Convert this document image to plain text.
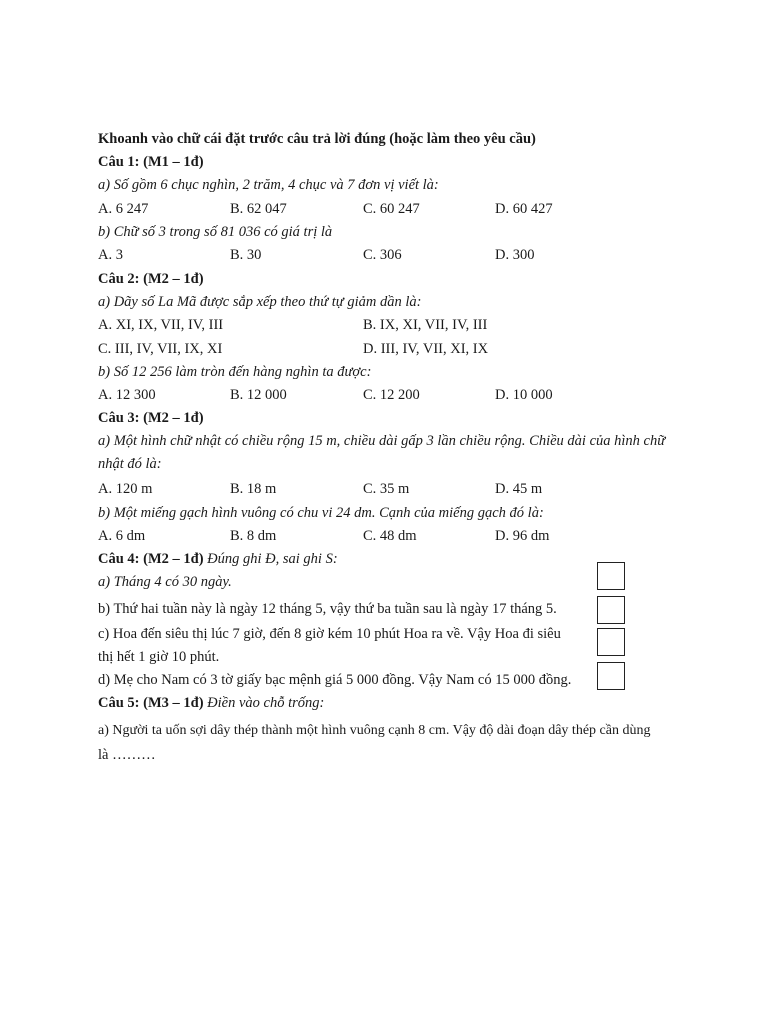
Khoanh vào chữ cái đặt trước câu trả lời đúng (hoặc làm theo yêu cầu)
Câu 1: (M1 – 1đ)
a) Số gồm 6 chục nghìn, 2 trăm, 4 chục và 7 đơn vị viết là:
A. 6 247	B. 62 047	C. 60 247	D. 60 427
b) Chữ số 3 trong số 81 036 có giá trị là
A. 3	B. 30	C. 306	D. 300
Câu 2: (M2 – 1đ)
a) Dãy số La Mã được sắp xếp theo thứ tự giảm dần là:
A. XI, IX, VII, IV, III	B. IX, XI, VII, IV, III
C. III, IV, VII, IX, XI	D. III, IV, VII, XI, IX
b) Số 12 256 làm tròn đến hàng nghìn ta được:
A. 12 300	B. 12 000	C. 12 200	D. 10 000
Câu 3: (M2 – 1đ)
a) Một hình chữ nhật có chiều rộng 15 m, chiều dài gấp 3 lần chiều rộng. Chiều dài của hình chữ
nhật đó là:
A. 120 m	B. 18 m	C. 35 m	D. 45 m
b) Một miếng gạch hình vuông có chu vi 24 dm. Cạnh của miếng gạch đó là:
A. 6 dm	B. 8 dm	C. 48 dm	D. 96 dm
Câu 4: (M2 – 1đ) Đúng ghi Đ, sai ghi S:
a) Tháng 4 có 30 ngày.
b) Thứ hai tuần này là ngày 12 tháng 5, vậy thứ ba tuần sau là ngày 17 tháng 5.
c) Hoa đến siêu thị lúc 7 giờ, đến 8 giờ kém 10 phút Hoa ra về. Vậy Hoa đi siêu
thị hết 1 giờ 10 phút.
d) Mẹ cho Nam có 3 tờ giấy bạc mệnh giá 5 000 đồng. Vậy Nam có 15 000 đồng.
Câu 5: (M3 – 1đ) Điền vào chỗ trống:
a) Người ta uốn sợi dây thép thành một hình vuông cạnh 8 cm. Vậy độ dài đoạn dây thép cần dùng
là ………
